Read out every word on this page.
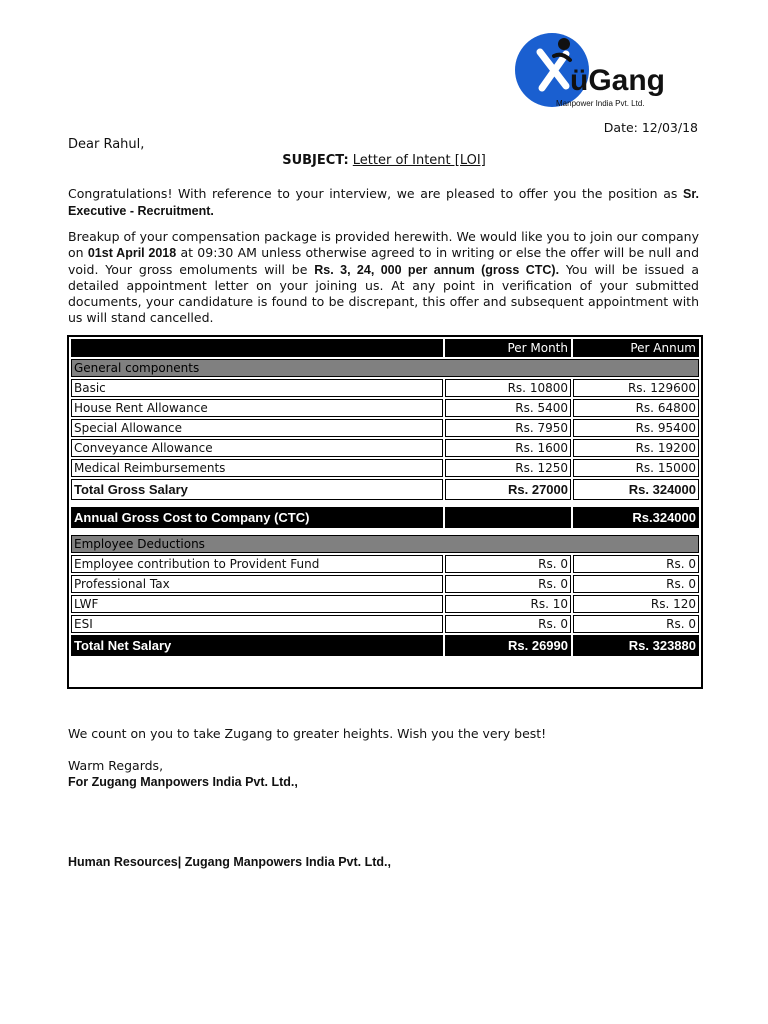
üGang
Manpower India Pvt. Ltd.
Date: 12/03/18
Dear Rahul,
SUBJECT: Letter of Intent [LOI]
Congratulations! With reference to your interview, we are pleased to offer you the position as Sr. Executive - Recruitment.
Breakup of your compensation package is provided herewith. We would like you to join our company on 01st April 2018 at 09:30 AM unless otherwise agreed to in writing or else the offer will be null and void. Your gross emoluments will be Rs. 3, 24, 000 per annum (gross CTC). You will be issued a detailed appointment letter on your joining us. At any point in verification of your submitted documents, your candidature is found to be discrepant, this offer and subsequent appointment with us will stand cancelled.
	Per Month	Per Annum
General components		
Basic	Rs. 10800	Rs. 129600
House Rent Allowance	Rs. 5400	Rs. 64800
Special Allowance	Rs. 7950	Rs. 95400
Conveyance Allowance	Rs. 1600	Rs. 19200
Medical Reimbursements	Rs. 1250	Rs. 15000
Total Gross Salary	Rs. 27000	Rs. 324000

Annual Gross Cost to Company (CTC)		Rs.324000

Employee Deductions		
Employee contribution to Provident Fund	Rs. 0	Rs. 0
Professional Tax	Rs. 0	Rs. 0
LWF	Rs. 10	Rs. 120
ESI	Rs. 0	Rs. 0
Total Net Salary	Rs. 26990	Rs. 323880
We count on you to take Zugang to greater heights. Wish you the very best!
Warm Regards,
For Zugang Manpowers India Pvt. Ltd.,
Human Resources| Zugang Manpowers India Pvt. Ltd.,
